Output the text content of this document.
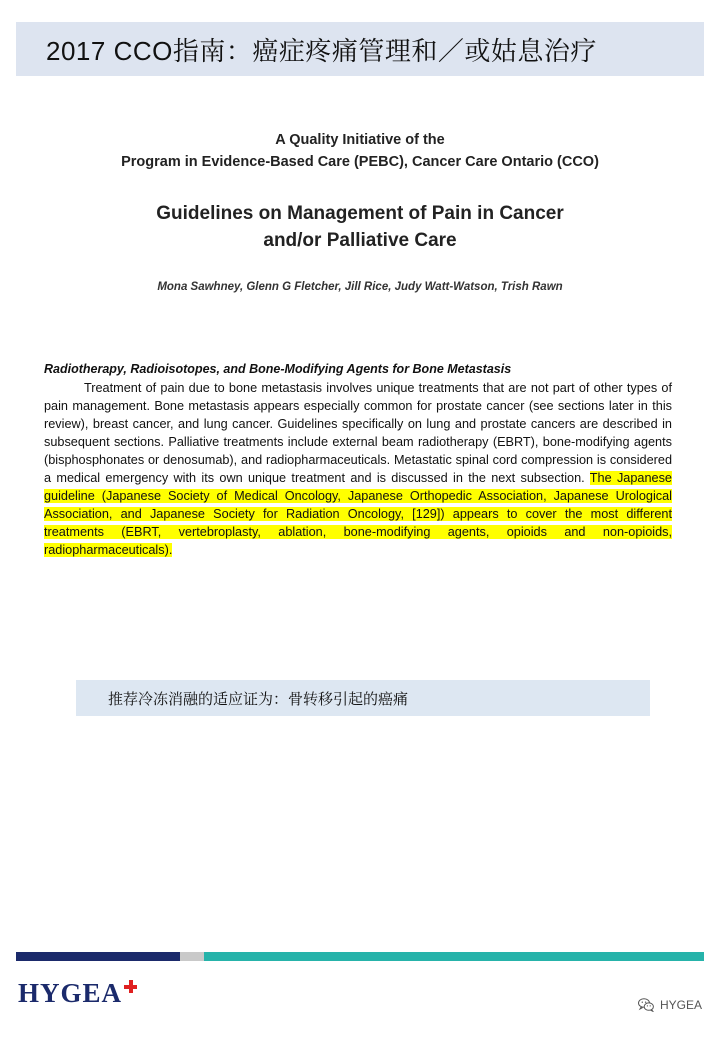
2017 CCO指南：癌症疼痛管理和／或姑息治疗
A Quality Initiative of the
Program in Evidence-Based Care (PEBC), Cancer Care Ontario (CCO)
Guidelines on Management of Pain in Cancer
and/or Palliative Care
Mona Sawhney, Glenn G Fletcher, Jill Rice, Judy Watt-Watson, Trish Rawn
Radiotherapy, Radioisotopes, and Bone-Modifying Agents for Bone Metastasis
Treatment of pain due to bone metastasis involves unique treatments that are not part of other types of pain management. Bone metastasis appears especially common for prostate cancer (see sections later in this review), breast cancer, and lung cancer. Guidelines specifically on lung and prostate cancers are described in subsequent sections. Palliative treatments include external beam radiotherapy (EBRT), bone-modifying agents (bisphosphonates or denosumab), and radiopharmaceuticals. Metastatic spinal cord compression is considered a medical emergency with its own unique treatment and is discussed in the next subsection. The Japanese guideline (Japanese Society of Medical Oncology, Japanese Orthopedic Association, Japanese Urological Association, and Japanese Society for Radiation Oncology, [129]) appears to cover the most different treatments (EBRT, vertebroplasty, ablation, bone-modifying agents, opioids and non-opioids, radiopharmaceuticals).
推荐冷冻消融的适应证为：骨转移引起的癌痛
HYGEA	HYGEA
